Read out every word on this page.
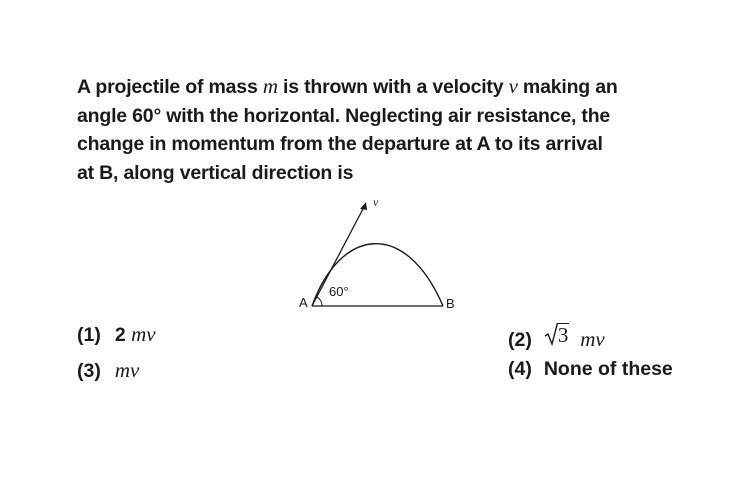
A projectile of mass m is thrown with a velocity v making an
angle 60° with the horizontal. Neglecting air resistance, the
change in momentum from the departure at A to its arrival
at B, along vertical direction is
A	B
v
60°
(1) 2 mv	(2) 3 mv
(3) mv	(4) None of these
